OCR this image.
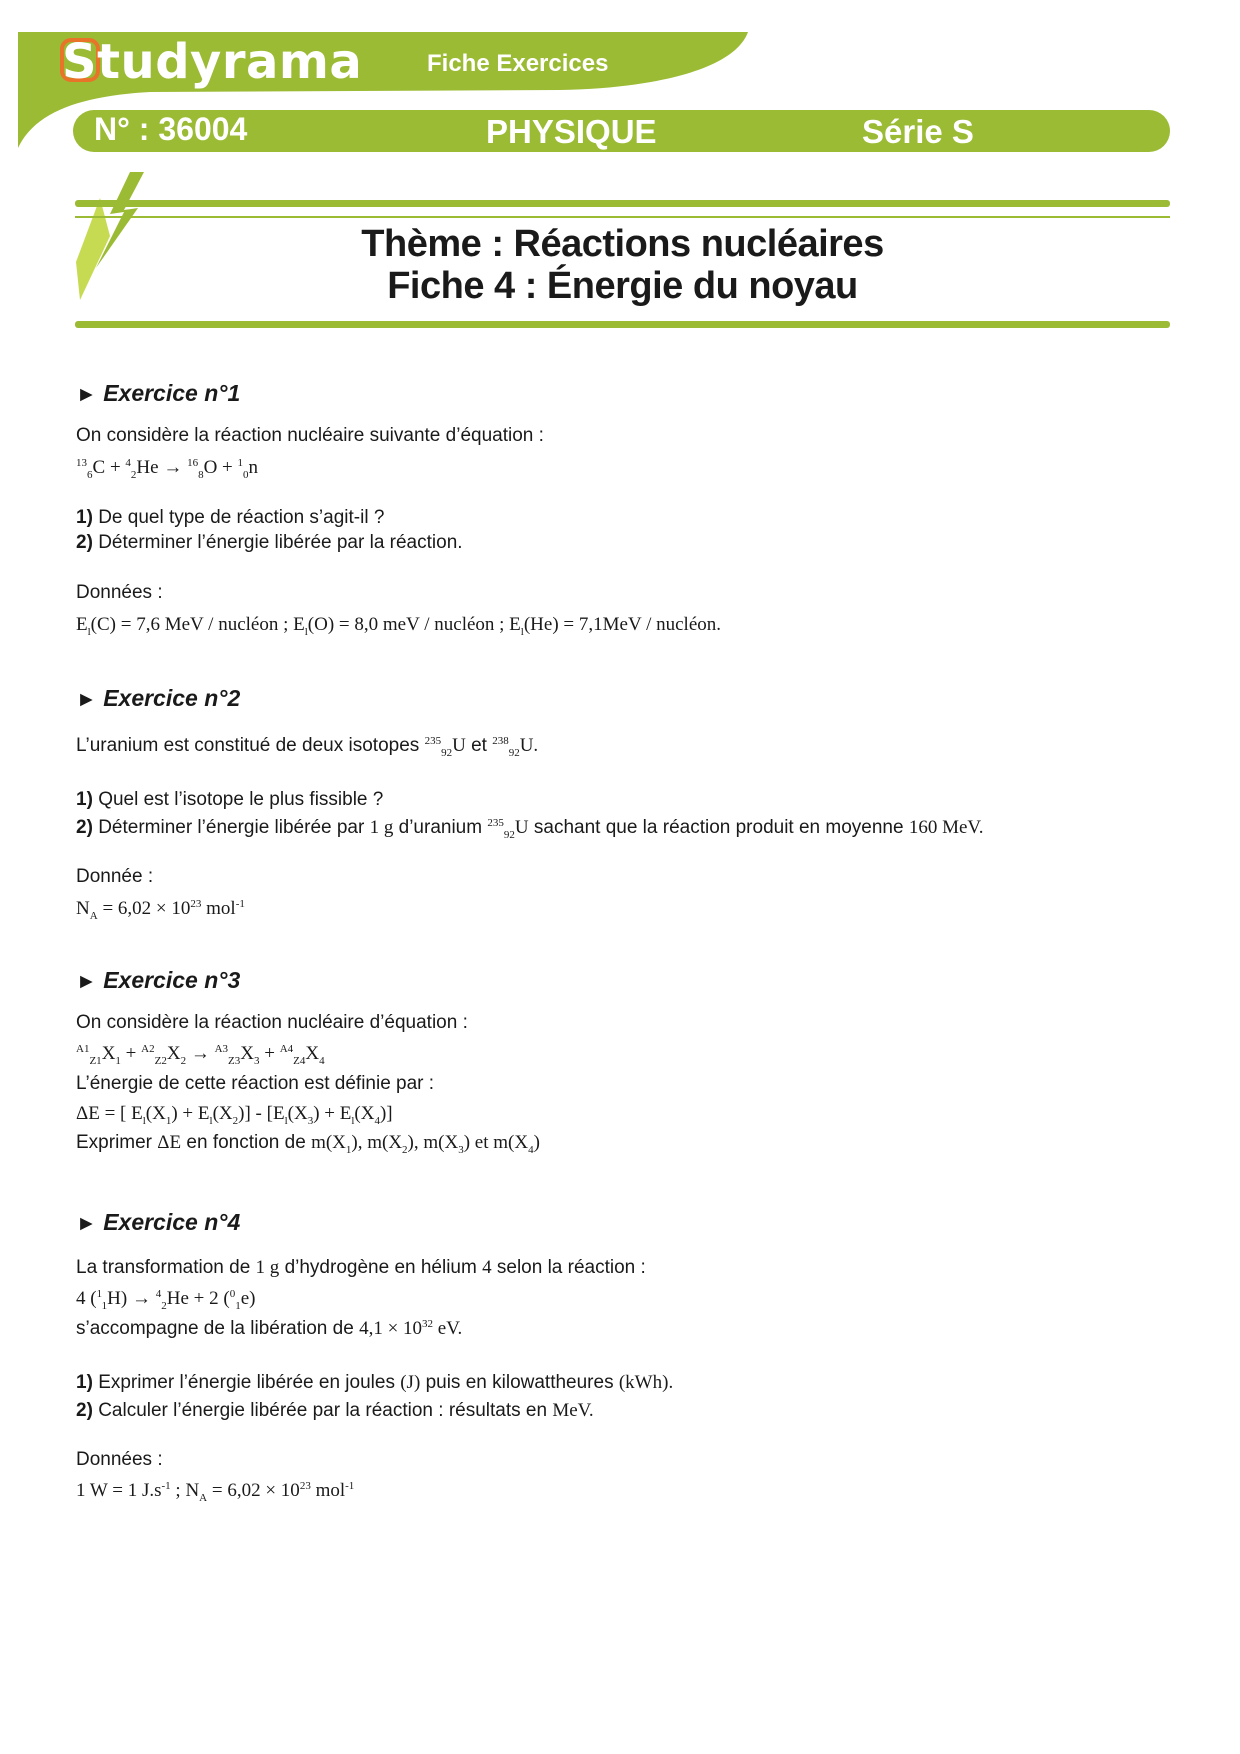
Studyrama	Fiche Exercices
N° : 36004	PHYSIQUE	Série S
Thème : Réactions nucléaires
Fiche 4 : Énergie du noyau
► Exercice n°1
On considère la réaction nucléaire suivante d’équation :
$^{13}_6$C + $^4_2$He → $^{16}_8$O + $^1_0$n
1) De quel type de réaction s’agit-il ?
2) Déterminer l’énergie libérée par la réaction.
Données :
$E_l(C) = 7,6$ MeV / nucléon ; $E_l(O) = 8,0$ meV / nucléon ; $E_l(He) = 7,1MeV$ / nucléon.
► Exercice n°2
L’uranium est constitué de deux isotopes $^{235}_{92}$U et $^{238}_{92}$U.
1) Quel est l’isotope le plus fissible ?
2) Déterminer l’énergie libérée par 1 g d’uranium $^{235}_{92}$U sachant que la réaction produit en moyenne 160 MeV.
Donnée :
$N_A = 6,02 \times 10^{23}$ mol$^{-1}$
► Exercice n°3
On considère la réaction nucléaire d’équation :
$^{A1}_{Z1}X_1 + ^{A2}_{Z2}X_2 \to ^{A3}_{Z3}X_3 + ^{A4}_{Z4}X_4$
L’énergie de cette réaction est définie par :
ΔE = [ $E_l(X_1) + E_l(X_2)] - [E_l(X_3) + E_l(X_4)]$
Exprimer ΔE en fonction de $m(X_1)$, $m(X_2)$, $m(X_3)$ et $m(X_4)$
► Exercice n°4
La transformation de 1 g d’hydrogène en hélium 4 selon la réaction :
4 ($^1_1$H) → $^4_2$He + 2 ($^0_1$e)
s’accompagne de la libération de $4,1 \times 10^{32}$ eV.
1) Exprimer l’énergie libérée en joules (J) puis en kilowattheures (kWh).
2) Calculer l’énergie libérée par la réaction : résultats en MeV.
Données :
1 W = 1 $J.s^{-1}$ ; $N_A = 6,02 \times 10^{23}$ mol$^{-1}$
